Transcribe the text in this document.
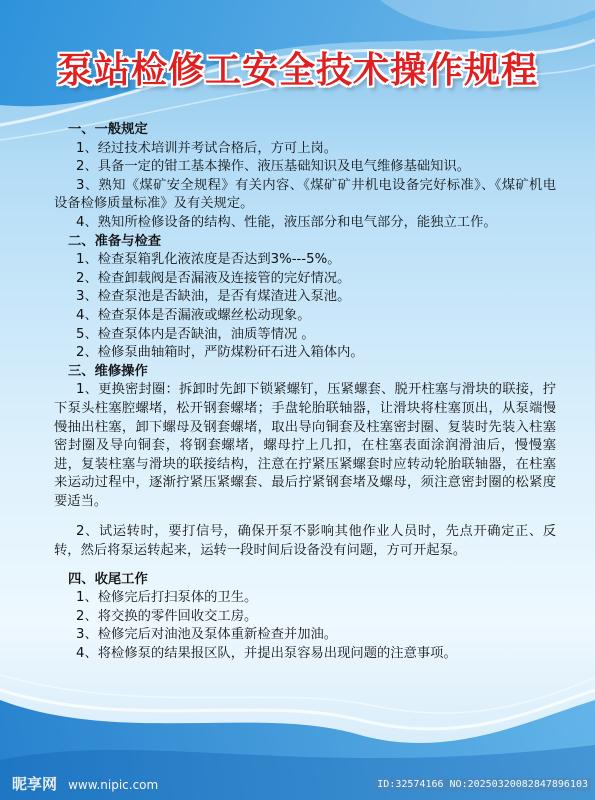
泵站检修工安全技术操作规程

一、一般规定

1、经过技术培训并考试合格后，方可上岗。

2、具备一定的钳工基本操作、液压基础知识及电气维修基础知识。

3、熟知《煤矿安全规程》有关内容、《煤矿矿井机电设备完好标准》、《煤矿机电设备检修质量标准》及有关规定。

4、熟知所检修设备的结构、性能，液压部分和电气部分，能独立工作。

二、准备与检查

1、检查泵箱乳化液浓度是否达到3%---5%。

2、检查卸载阀是否漏液及连接管的完好情况。

3、检查泵池是否缺油，是否有煤渣进入泵池。

4、检查泵体是否漏液或螺丝松动现象。

5、检查泵体内是否缺油，油质等情况 。

2、检修泵曲轴箱时，严防煤粉矸石进入箱体内。

三、维修操作

1、更换密封圈：拆卸时先卸下锁紧螺钉，压紧螺套、脱开柱塞与滑块的联接，拧下泵头柱塞腔螺堵，松开钢套螺堵；手盘轮胎联轴器，让滑块将柱塞顶出，从泵端慢慢抽出柱塞，卸下螺母及钢套螺堵，取出导向铜套及柱塞密封圈、复装时先装入柱塞密封圈及导向铜套，将钢套螺堵，螺母拧上几扣，在柱塞表面涂润滑油后，慢慢塞进，复装柱塞与滑块的联接结构，注意在拧紧压紧螺套时应转动轮胎联轴器，在柱塞来运动过程中，逐渐拧紧压紧螺套、最后拧紧钢套堵及螺母，须注意密封圈的松紧度要适当。

2、试运转时，要打信号，确保开泵不影响其他作业人员时，先点开确定正、反转，然后将泵运转起来，运转一段时间后设备没有问题，方可开起泵。

四、收尾工作

1、检修完后打扫泵体的卫生。

2、将交换的零件回收交工房。

3、检修完后对油池及泵体重新检查并加油。

4、将检修泵的结果报区队，并提出泵容易出现问题的注意事项。

昵享网 www.nipic.com	ID:32574166 NO:20250320082847896103
